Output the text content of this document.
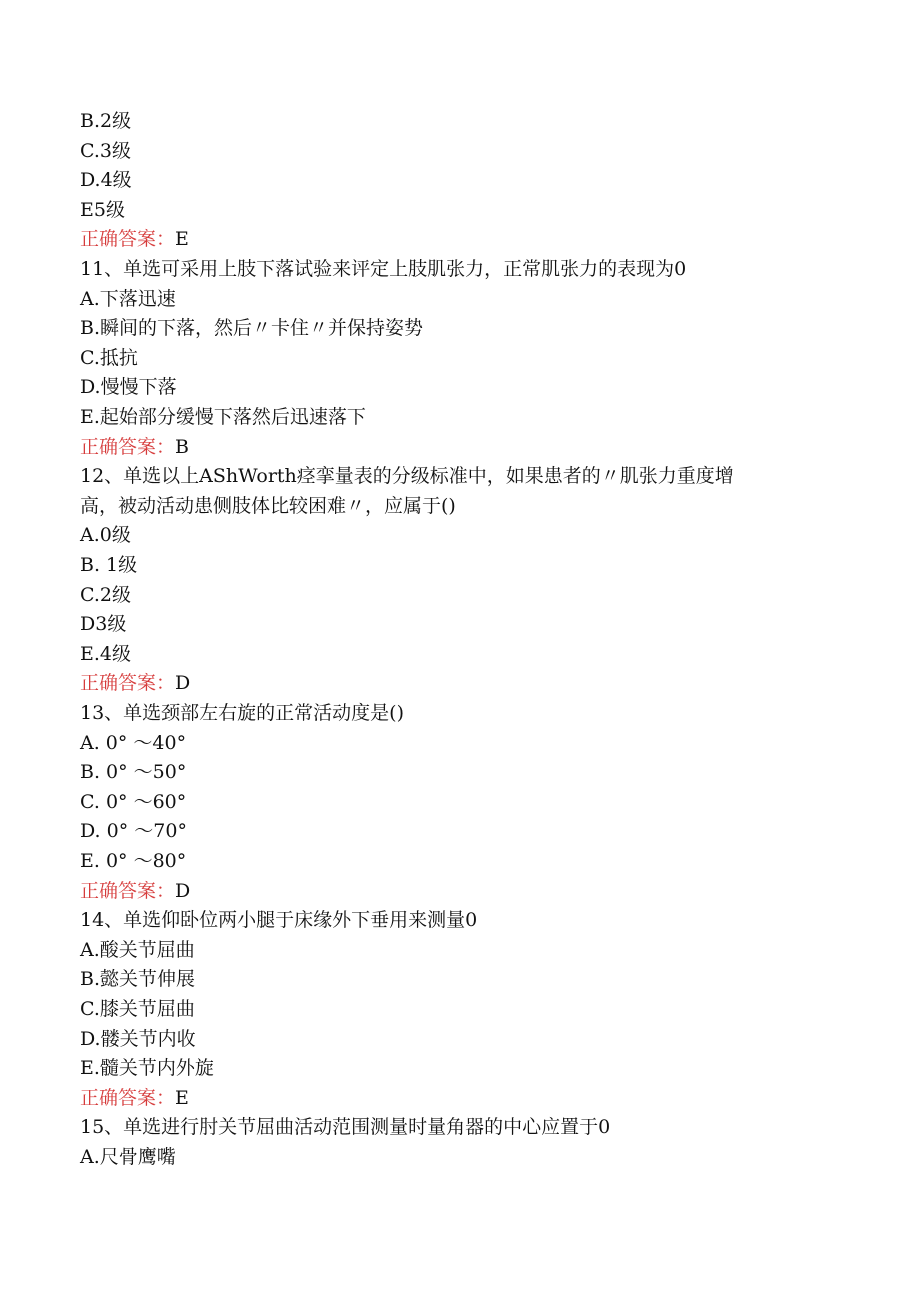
B.2级
C.3级
D.4级
E5级
正确答案：E
11、单选可采用上肢下落试验来评定上肢肌张力，正常肌张力的表现为0
A.下落迅速
B.瞬间的下落，然后〃卡住〃并保持姿势
C.抵抗
D.慢慢下落
E.起始部分缓慢下落然后迅速落下
正确答案：B
12、单选以上AShWorth痉挛量表的分级标准中，如果患者的〃肌张力重度增
高，被动活动患侧肢体比较困难〃，应属于()
A.0级
B. 1级
C.2级
D3级
E.4级
正确答案：D
13、单选颈部左右旋的正常活动度是()
A. 0° ～40°
B. 0° ～50°
C. 0° ～60°
D. 0° ～70°
E. 0° ～80°
正确答案：D
14、单选仰卧位两小腿于床缘外下垂用来测量0
A.酸关节屈曲
B.懿关节伸展
C.膝关节屈曲
D.髅关节内收
E.髓关节内外旋
正确答案：E
15、单选进行肘关节屈曲活动范围测量时量角器的中心应置于0
A.尺骨鹰嘴
